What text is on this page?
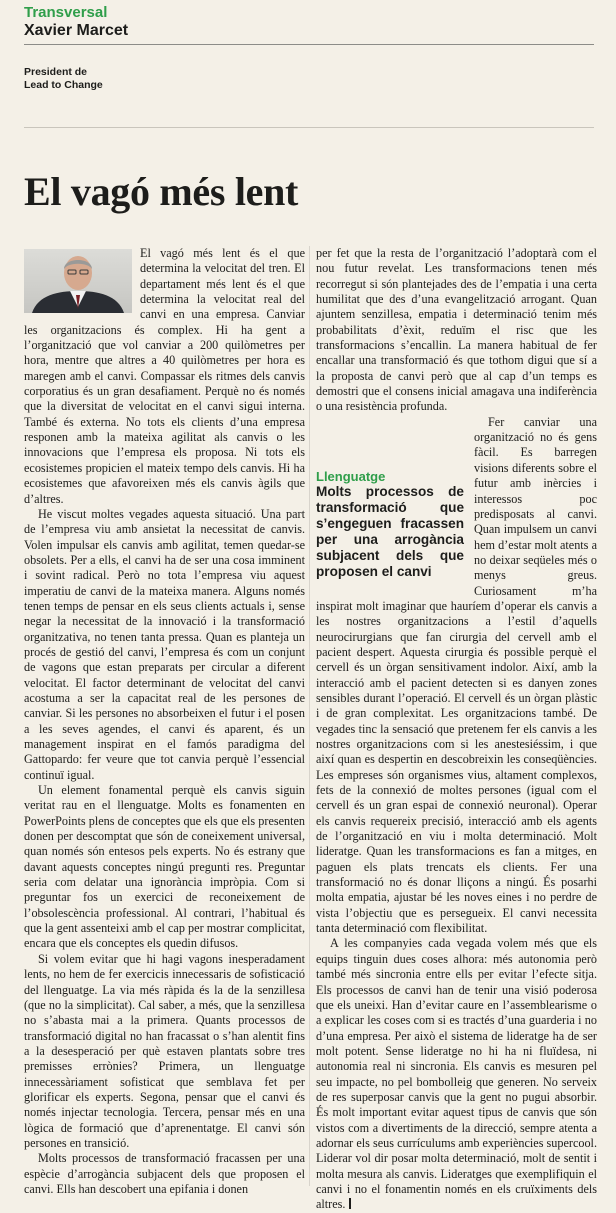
Transversal
Xavier Marcet
President de
Lead to Change
El vagó més lent

El vagó més lent és el que determina la velocitat del tren. El departament més lent és el que determina la velocitat real del canvi en una empresa. Canviar les organitzacions és complex. Hi ha gent a l’organització que vol canviar a 200 quilòmetres per hora, mentre que altres a 40 quilòmetres per hora es maregen amb el canvi. Compassar els ritmes dels canvis corporatius és un gran desafiament. Perquè no és només que la diversitat de velocitat en el canvi sigui interna. També és externa. No tots els clients d’una empresa responen amb la mateixa agilitat als canvis o les innovacions que l’empresa els proposa. Ni tots els ecosistemes propicien el mateix tempo dels canvis. Hi ha ecosistemes que afavoreixen més els canvis àgils que d’altres.

He viscut moltes vegades aquesta situació. Una part de l’empresa viu amb ansietat la necessitat de canvis. Volen impulsar els canvis amb agilitat, temen quedar-se obsolets. Per a ells, el canvi ha de ser una cosa imminent i sovint radical. Però no tota l’empresa viu aquest imperatiu de canvi de la mateixa manera. Alguns només tenen temps de pensar en els seus clients actuals i, sense negar la necessitat de la innovació i la transformació organitzativa, no tenen tanta pressa. Quan es planteja un procés de gestió del canvi, l’empresa és com un conjunt de vagons que estan preparats per circular a diferent velocitat. El factor determinant de velocitat del canvi acostuma a ser la capacitat real de les persones de canviar. Si les persones no absorbeixen el futur i el posen a les seves agendes, el canvi és aparent, és un management inspirat en el famós paradigma del Gattopardo: fer veure que tot canvia perquè l’essencial continuï igual.

Un element fonamental perquè els canvis siguin veritat rau en el llenguatge. Molts es fonamenten en PowerPoints plens de conceptes que els que els presenten donen per descomptat que són de coneixement universal, quan només són entesos pels experts. No és estrany que davant aquests conceptes ningú pregunti res. Preguntar seria com delatar una ignorància impròpia. Com si preguntar fos un exercici de reconeixement de l’obsolescència professional. Al contrari, l’habitual és que la gent assenteixi amb el cap per mostrar complicitat, encara que els conceptes els quedin difusos.

Si volem evitar que hi hagi vagons inesperadament lents, no hem de fer exercicis innecessaris de sofisticació del llenguatge. La via més ràpida és la de la senzillesa (que no la simplicitat). Cal saber, a més, que la senzillesa no s’abasta mai a la primera. Quants processos de transformació digital no han fracassat o s’han alentit fins a la desesperació per què estaven plantats sobre tres premisses errònies? Primera, un llenguatge innecessàriament sofisticat que semblava fet per glorificar els experts. Segona, pensar que el canvi és només injectar tecnologia. Tercera, pensar més en una lògica de formació que d’aprenentatge. El canvi són persones en transició.

Molts processos de transformació fracassen per una espècie d’arrogància subjacent dels que proposen el canvi. Ells han descobert una epifania i donen

per fet que la resta de l’organització l’adoptarà com el nou futur revelat. Les transformacions tenen més recorregut si són plantejades des de l’empatia i una certa humilitat que des d’una evangelització arrogant. Quan ajuntem senzillesa, empatia i determinació tenim més probabilitats d’èxit, reduïm el risc que les transformacions s’encallin. La manera habitual de fer encallar una transformació és que tothom digui que sí a la proposta de canvi però que al cap d’un temps es demostri que el consens inicial amagava una indiferència o una resistència profunda.

Llenguatge
Molts processos de transformació que s’engeguen fracassen per una arrogància subjacent dels que proposen el canvi

Fer canviar una organització no és gens fàcil. Es barregen visions diferents sobre el futur amb inèrcies i interessos poc predisposats al canvi. Quan impulsem un canvi hem d’estar molt atents a no deixar seqüeles més o menys greus. Curiosament m’ha inspirat molt imaginar que hauríem d’operar els canvis a les nostres organitzacions a l’estil d’aquells neurocirurgians que fan cirurgia del cervell amb el pacient despert. Aquesta cirurgia és possible perquè el cervell és un òrgan sensitivament indolor. Així, amb la interacció amb el pacient detecten si es danyen zones sensibles durant l’operació. El cervell és un òrgan plàstic i de gran complexitat. Les organitzacions també. De vegades tinc la sensació que pretenem fer els canvis a les nostres organitzacions com si les anestesiéssim, i que així quan es despertin en descobreixin les conseqüències. Les empreses són organismes vius, altament complexos, fets de la connexió de moltes persones (igual com el cervell és un gran espai de connexió neuronal). Operar els canvis requereix precisió, interacció amb els agents de l’organització en viu i molta determinació. Molt lideratge. Quan les transformacions es fan a mitges, en paguen els plats trencats els clients. Fer una transformació no és donar lliçons a ningú. És posarhi molta empatia, ajustar bé les noves eines i no perdre de vista l’objectiu que es persegueix. El canvi necessita tanta determinació com flexibilitat.

A les companyies cada vegada volem més que els equips tinguin dues coses alhora: més autonomia però també més sincronia entre ells per evitar l’efecte sitja. Els processos de canvi han de tenir una visió poderosa que els uneixi. Han d’evitar caure en l’assemblearisme o a explicar les coses com si es tractés d’una guarderia i no d’una empresa. Per això el sistema de lideratge ha de ser molt potent. Sense lideratge no hi ha ni fluïdesa, ni autonomia real ni sincronia. Els canvis es mesuren pel seu impacte, no pel bombolleig que generen. No serveix de res superposar canvis que la gent no pugui absorbir. És molt important evitar aquest tipus de canvis que són vistos com a divertiments de la direcció, sempre atenta a adornar els seus currículums amb experiències supercool. Liderar vol dir posar molta determinació, molt de sentit i molta mesura als canvis. Lideratges que exemplifiquin el canvi i no el fonamentin només en els cruïximents dels altres.
